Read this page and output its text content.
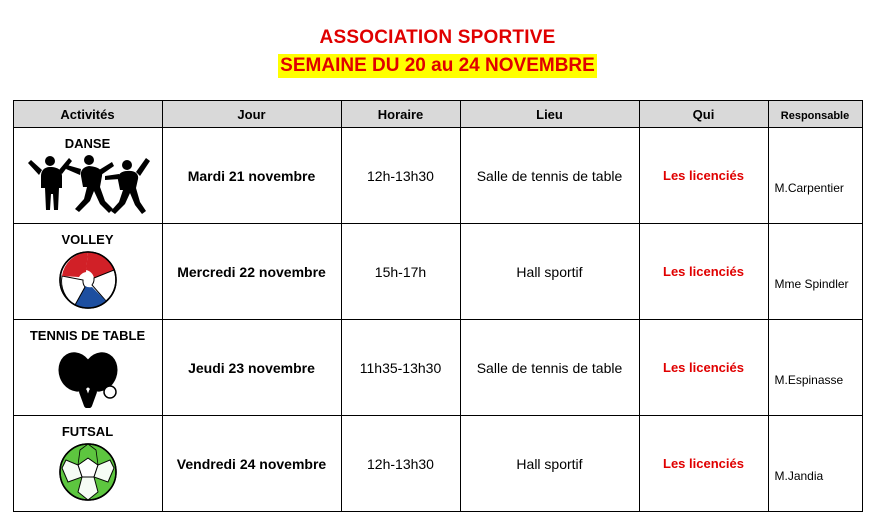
ASSOCIATION SPORTIVE
SEMAINE DU 20 au 24 NOVEMBRE
Activités	Jour	Horaire	Lieu	Qui	Responsable

DANSE	Mardi 21 novembre	12h-13h30	Salle de tennis de table	Les licenciés	M.Carpentier

VOLLEY	Mercredi 22 novembre	15h-17h	Hall sportif	Les licenciés	Mme Spindler

TENNIS DE TABLE	Jeudi 23 novembre	11h35-13h30	Salle de tennis de table	Les licenciés	M.Espinasse

FUTSAL	Vendredi 24 novembre	12h-13h30	Hall sportif	Les licenciés	M.Jandia
